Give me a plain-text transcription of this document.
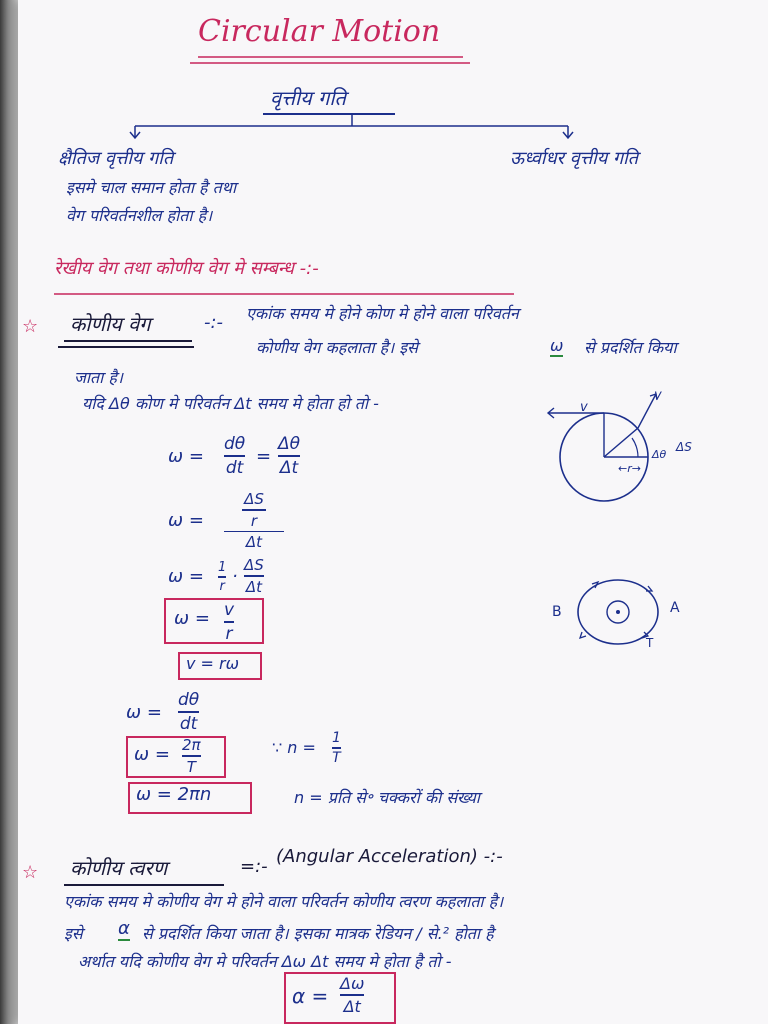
Circular Motion
वृत्तीय गति
क्षैतिज वृत्तीय गति	ऊर्ध्वाधर वृत्तीय गति
इसमे चाल समान होता है तथा
वेग परिवर्तनशील होता है।
रेखीय वेग तथा कोणीय वेग मे सम्बन्ध -:-
☆ कोणीय वेग	-:- एकांक समय मे होने कोण मे होने वाला परिवर्तन
कोणीय वेग कहलाता है। इसे	ω से प्रदर्शित किया
जाता है।
यदि Δθ कोण मे परिवर्तन Δt समय मे होता हो तो -
ω =
dθ
dt
=
Δθ
Δt
ω =
ΔS
r
Δt
ω = 1
r ·
ΔS
Δt
ω = v
r
v = rω
ω =
dθ
dt
ω = 2π
T
∵ n = 1
T
ω = 2πn	n = प्रति से॰ चक्करों की संख्या
v
v
Δθ
ΔS
←r→
B	A
T
☆ कोणीय त्वरण	=:- (Angular Acceleration) -:-
एकांक समय मे कोणीय वेग मे होने वाला परिवर्तन कोणीय त्वरण कहलाता है।
इसे α से प्रदर्शित किया जाता है। इसका मात्रक रेडियन / से.² होता है
अर्थात यदि कोणीय वेग मे परिवर्तन Δω Δt समय मे होता है तो -
α =
Δω
Δt
